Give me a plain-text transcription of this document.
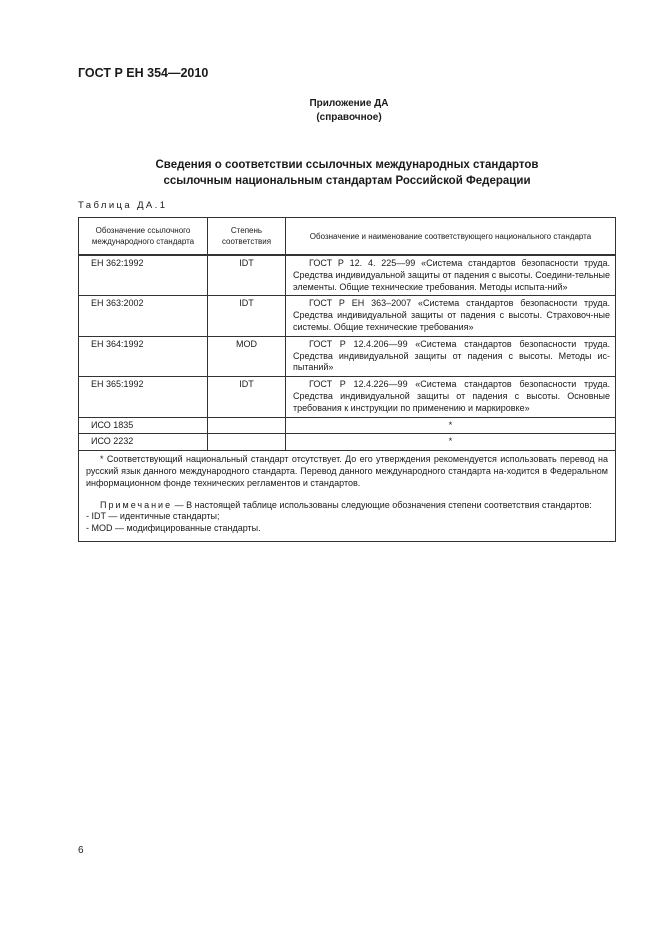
ГОСТ Р ЕН 354—2010
Приложение ДА
(справочное)
Сведения о соответствии ссылочных международных стандартов
ссылочным национальным стандартам Российской Федерации
Таблица ДА.1
Обозначение ссылочного международного стандарта	Степень соответствия	Обозначение и наименование соответствующего национального стандарта
ЕН 362:1992	IDT	ГОСТ Р 12. 4. 225—99 «Система стандартов безопасности труда. Средства индивидуальной защиты от падения с высоты. Соедини-тельные элементы. Общие технические требования. Методы испыта-ний»
ЕН 363:2002	IDT	ГОСТ Р ЕН 363–2007 «Система стандартов безопасности труда. Средства индивидуальной защиты от падения с высоты. Страховоч-ные системы. Общие технические требования»
ЕН 364:1992	MOD	ГОСТ Р 12.4.206—99 «Система стандартов безопасности труда. Средства индивидуальной защиты от падения с высоты. Методы ис-пытаний»
ЕН 365:1992	IDT	ГОСТ Р 12.4.226—99 «Система стандартов безопасности труда. Средства индивидуальной защиты от падения с высоты. Основные требования к инструкции по применению и маркировке»
ИСО 1835		*
ИСО 2232		*

* Соответствующий национальный стандарт отсутствует. До его утверждения рекомендуется использовать перевод на русский язык данного международного стандарта. Перевод данного международного стандарта на-ходится в Федеральном информационном фонде технических регламентов и стандартов.

Примечание — В настоящей таблице использованы следующие обозначения степени соответствия стандартов:

- IDT — идентичные стандарты;

- MOD — модифицированные стандарты.		

6
